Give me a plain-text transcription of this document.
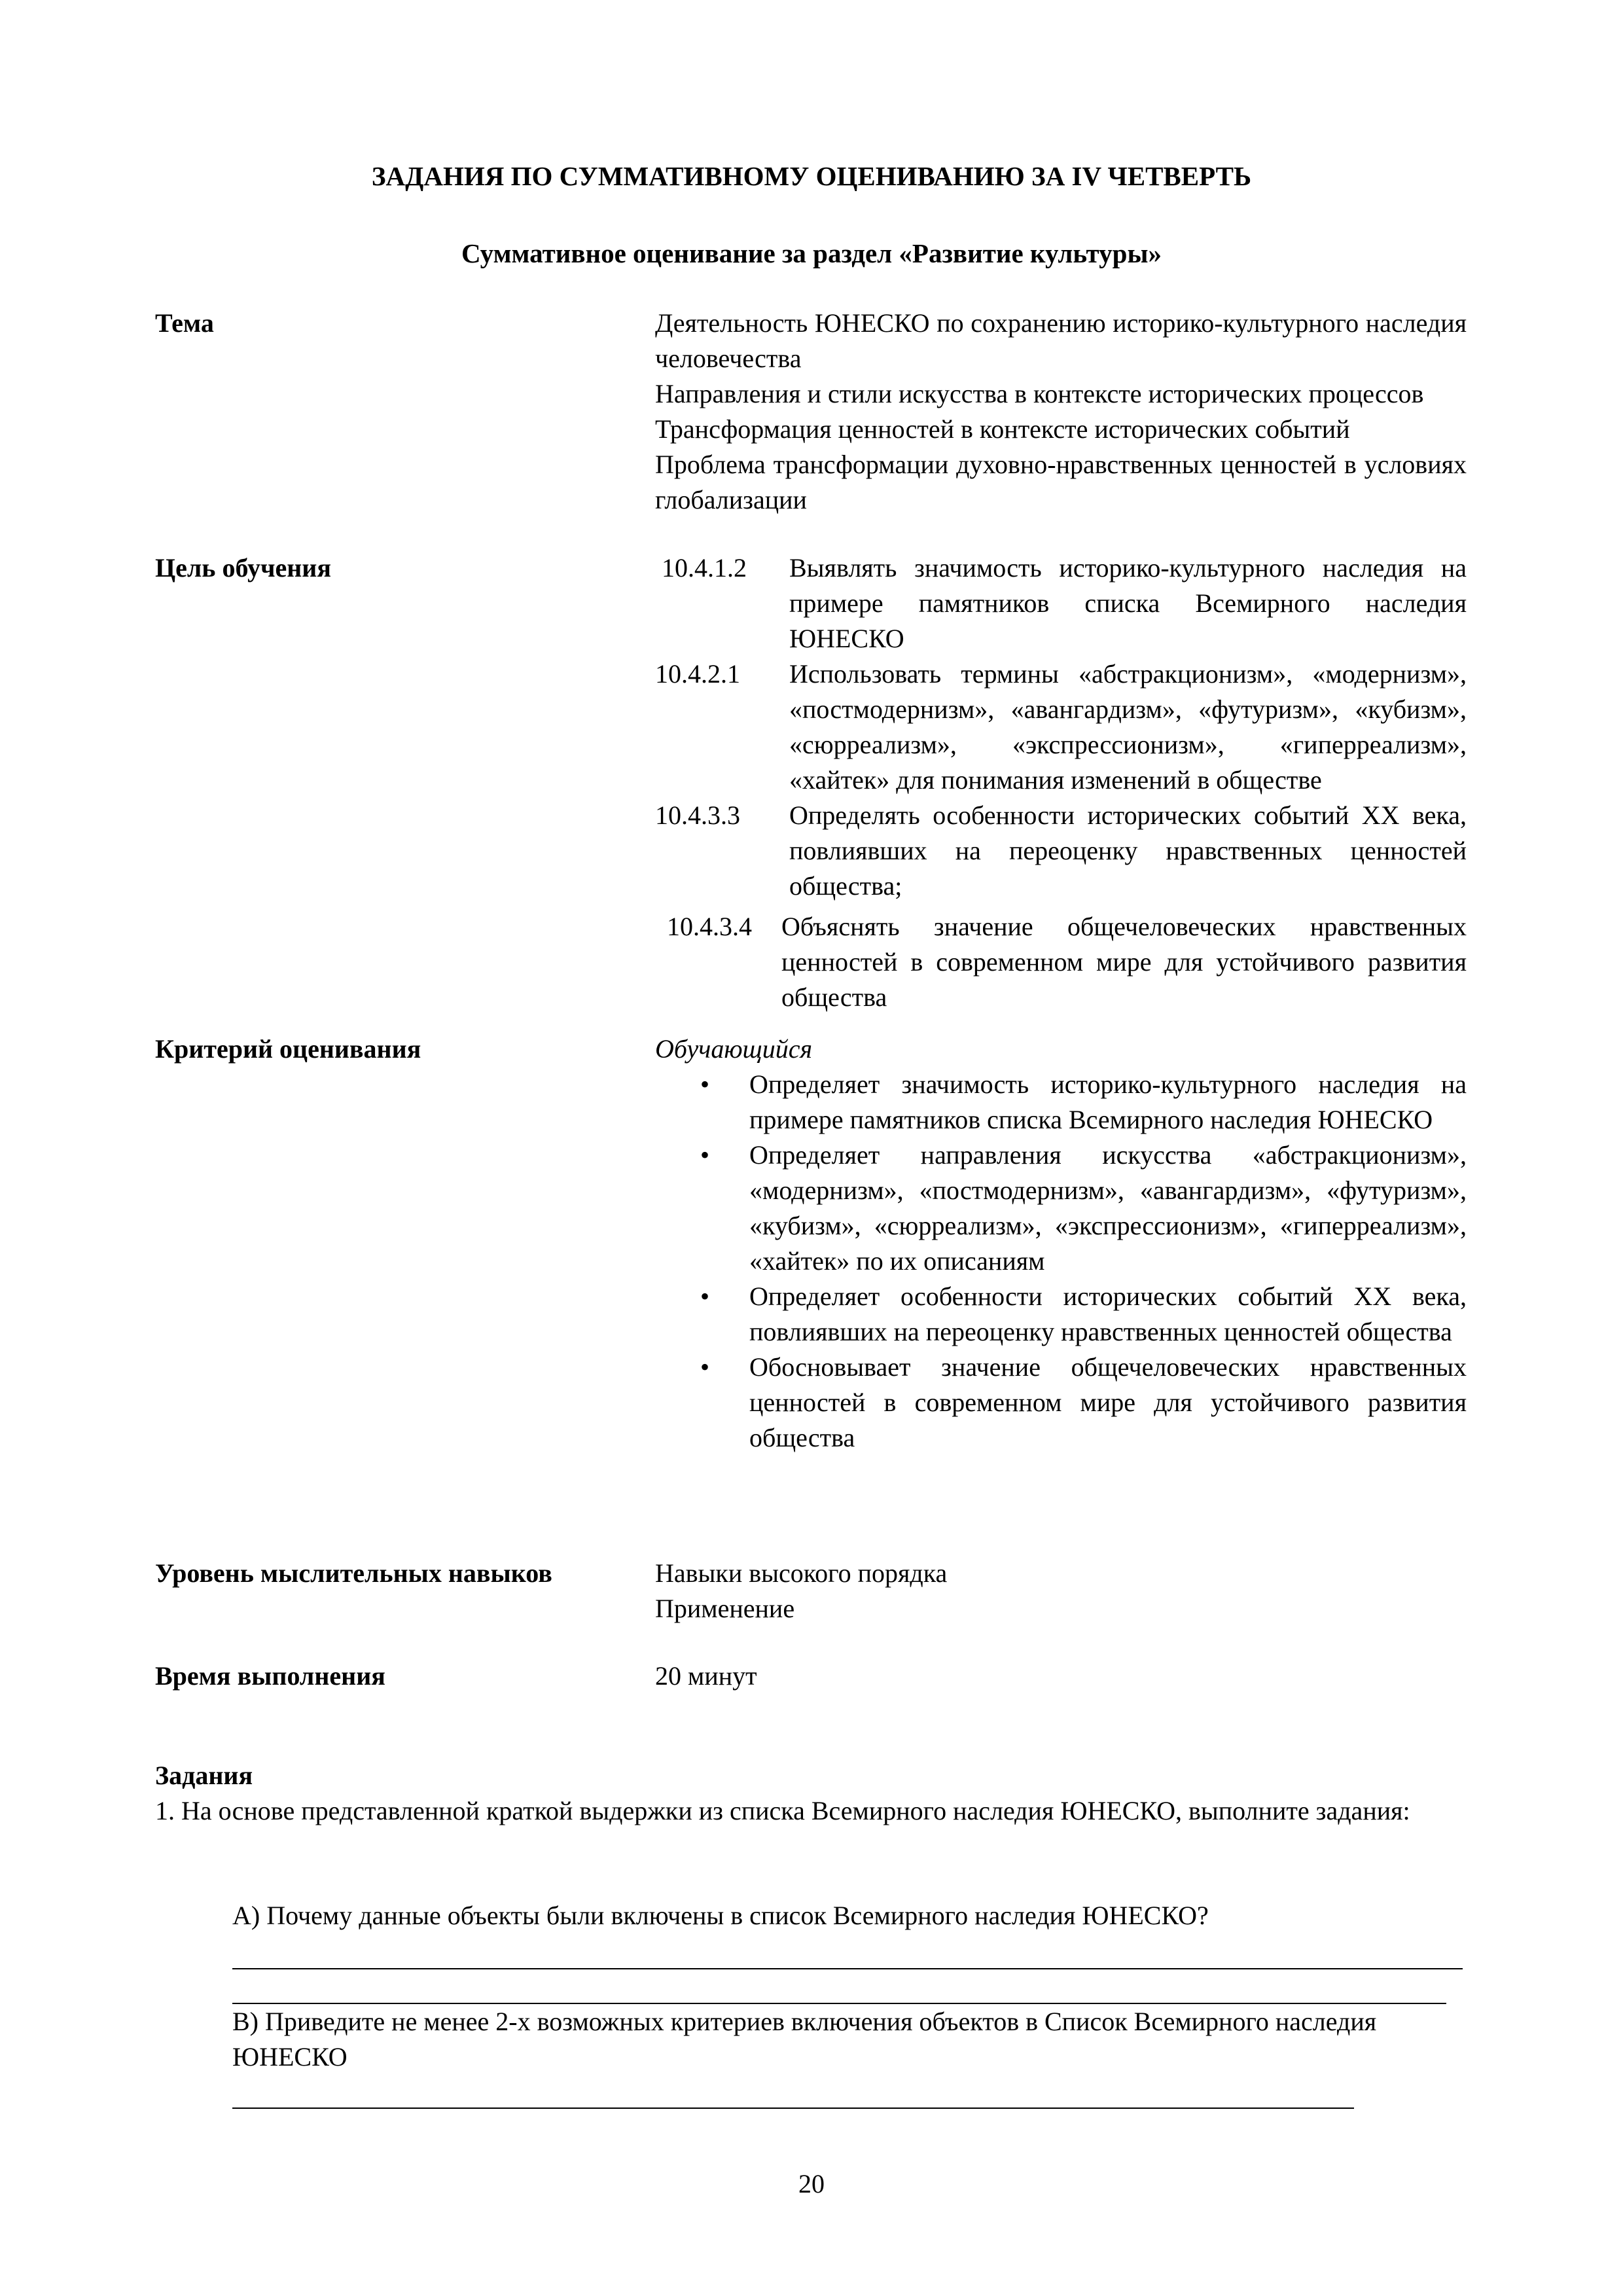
ЗАДАНИЯ ПО СУММАТИВНОМУ ОЦЕНИВАНИЮ ЗА IV ЧЕТВЕРТЬ
Суммативное оценивание за раздел «Развитие культуры»
Тема	Деятельность ЮНЕСКО по сохранению историко-культурного наследия человечества
Направления и стили искусства в контексте исторических процессов
Трансформация ценностей в контексте исторических событий
Проблема трансформации духовно-нравственных ценностей в условиях глобализации
Цель обучения	10.4.1.2 Выявлять значимость историко-культурного наследия на примере памятников списка Всемирного наследия ЮНЕСКО
10.4.2.1 Использовать термины «абстракционизм», «модернизм», «постмодернизм», «авангардизм», «футуризм», «кубизм», «сюрреализм», «экспрессионизм», «гиперреализм», «хайтек» для понимания изменений в обществе
10.4.3.3 Определять особенности исторических событий ХХ века, повлиявших на переоценку нравственных ценностей общества;
10.4.3.4 Объяснять значение общечеловеческих нравственных ценностей в современном мире для устойчивого развития общества
Критерий оценивания	Обучающийся
• Определяет значимость историко-культурного наследия на примере памятников списка Всемирного наследия ЮНЕСКО
• Определяет направления искусства «абстракционизм», «модернизм», «постмодернизм», «авангардизм», «футуризм», «кубизм», «сюрреализм», «экспрессионизм», «гиперреализм», «хайтек» по их описаниям
• Определяет особенности исторических событий ХХ века, повлиявших на переоценку нравственных ценностей общества
• Обосновывает значение общечеловеческих нравственных ценностей в современном мире для устойчивого развития общества
Уровень мыслительных навыков	Навыки высокого порядка
Применение
Время выполнения	20 минут
Задания
1. На основе представленной краткой выдержки из списка Всемирного наследия ЮНЕСКО, выполните задания:
А) Почему данные объекты были включены в список Всемирного наследия ЮНЕСКО?
В) Приведите не менее 2-х возможных критериев включения объектов в Список Всемирного наследия ЮНЕСКО
20
